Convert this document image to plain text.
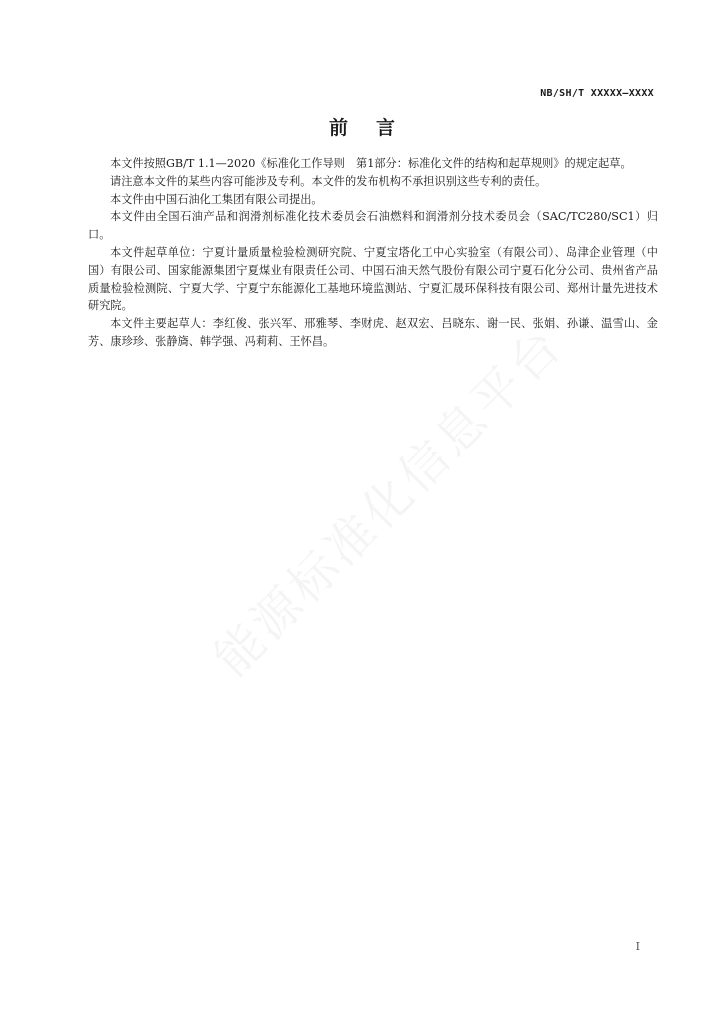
NB/SH/T XXXXX—XXXX
前言

本文件按照GB/T 1.1—2020《标准化工作导则　第1部分：标准化文件的结构和起草规则》的规定起草。

请注意本文件的某些内容可能涉及专利。本文件的发布机构不承担识别这些专利的责任。

本文件由中国石油化工集团有限公司提出。

本文件由全国石油产品和润滑剂标准化技术委员会石油燃料和润滑剂分技术委员会（SAC/TC280/SC1）归口。

本文件起草单位：宁夏计量质量检验检测研究院、宁夏宝塔化工中心实验室（有限公司）、岛津企业管理（中国）有限公司、国家能源集团宁夏煤业有限责任公司、中国石油天然气股份有限公司宁夏石化分公司、贵州省产品质量检验检测院、宁夏大学、宁夏宁东能源化工基地环境监测站、宁夏汇晟环保科技有限公司、郑州计量先进技术研究院。

本文件主要起草人：李红俊、张兴军、邢雅琴、李财虎、赵双宏、吕晓东、谢一民、张娟、孙谦、温雪山、金芳、康珍珍、张静旖、韩学强、冯莉莉、王怀昌。

I
